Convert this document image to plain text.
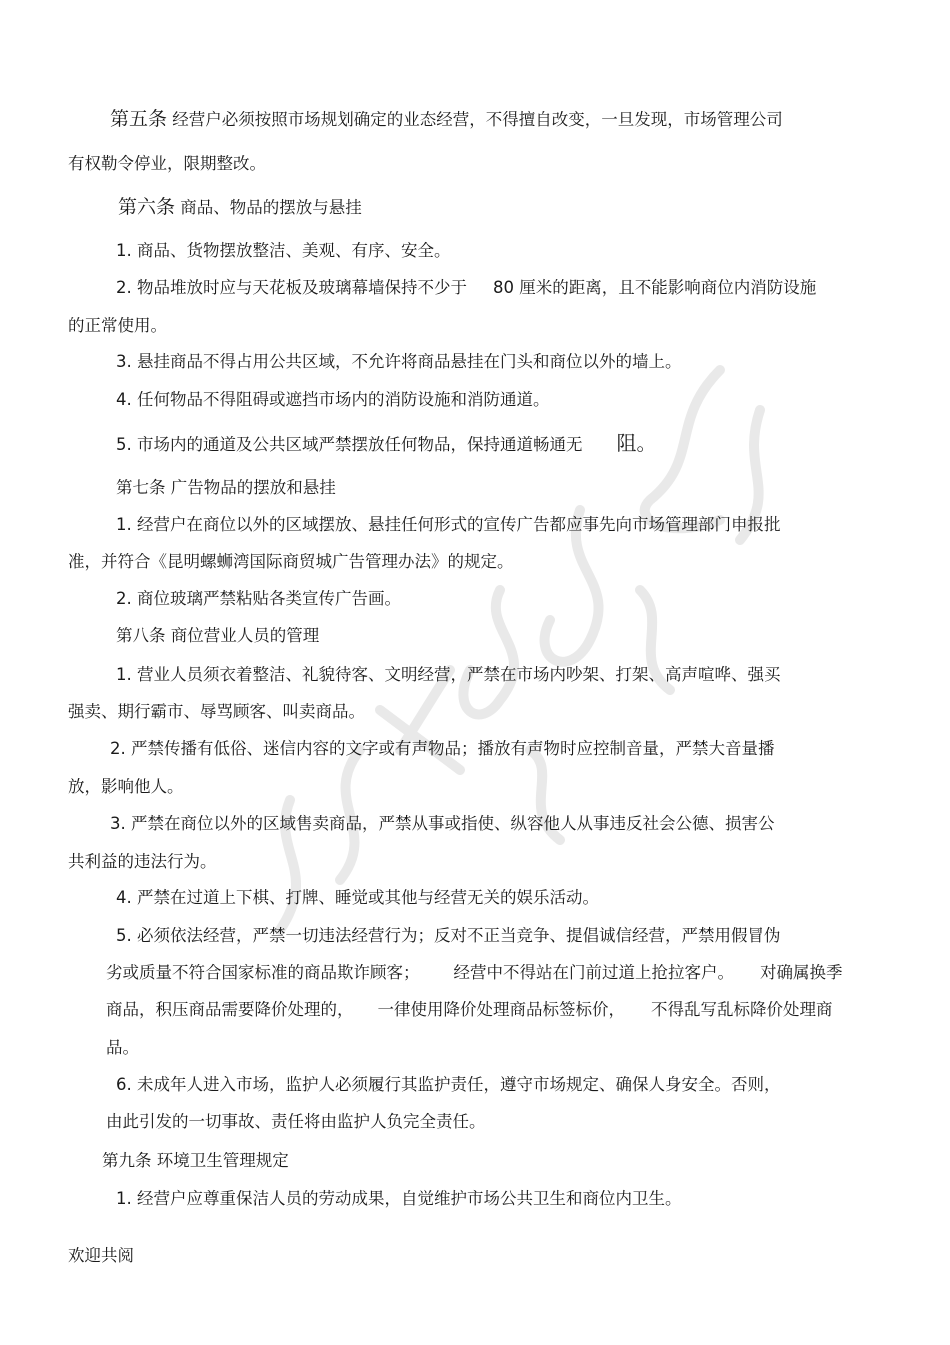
第五条 经营户必须按照市场规划确定的业态经营，不得擅自改变，一旦发现，市场管理公司
有权勒令停业，限期整改。
第六条 商品、物品的摆放与悬挂
1. 商品、货物摆放整洁、美观、有序、安全。
2. 物品堆放时应与天花板及玻璃幕墙保持不少于 80 厘米的距离，且不能影响商位内消防设施
的正常使用。
3. 悬挂商品不得占用公共区域，不允许将商品悬挂在门头和商位以外的墙上。
4. 任何物品不得阻碍或遮挡市场内的消防设施和消防通道。
5. 市场内的通道及公共区域严禁摆放任何物品，保持通道畅通无 阻。
第七条 广告物品的摆放和悬挂
1. 经营户在商位以外的区域摆放、悬挂任何形式的宣传广告都应事先向市场管理部门申报批
准，并符合《昆明螺蛳湾国际商贸城广告管理办法》的规定。
2. 商位玻璃严禁粘贴各类宣传广告画。
第八条 商位营业人员的管理
1. 营业人员须衣着整洁、礼貌待客、文明经营，严禁在市场内吵架、打架、高声喧哗、强买
强卖、期行霸市、辱骂顾客、叫卖商品。
2. 严禁传播有低俗、迷信内容的文字或有声物品；播放有声物时应控制音量，严禁大音量播
放，影响他人。
3. 严禁在商位以外的区域售卖商品，严禁从事或指使、纵容他人从事违反社会公德、损害公
共利益的违法行为。
4. 严禁在过道上下棋、打牌、睡觉或其他与经营无关的娱乐活动。
5. 必须依法经营，严禁一切违法经营行为；反对不正当竞争、提倡诚信经营，严禁用假冒伪
劣或质量不符合国家标准的商品欺诈顾客； 经营中不得站在门前过道上抢拉客户。 对确属换季
商品，积压商品需要降价处理的， 一律使用降价处理商品标签标价， 不得乱写乱标降价处理商
品。
6. 未成年人进入市场，监护人必须履行其监护责任，遵守市场规定、确保人身安全。否则，
由此引发的一切事故、责任将由监护人负完全责任。
第九条 环境卫生管理规定
1. 经营户应尊重保洁人员的劳动成果，自觉维护市场公共卫生和商位内卫生。
欢迎共阅
